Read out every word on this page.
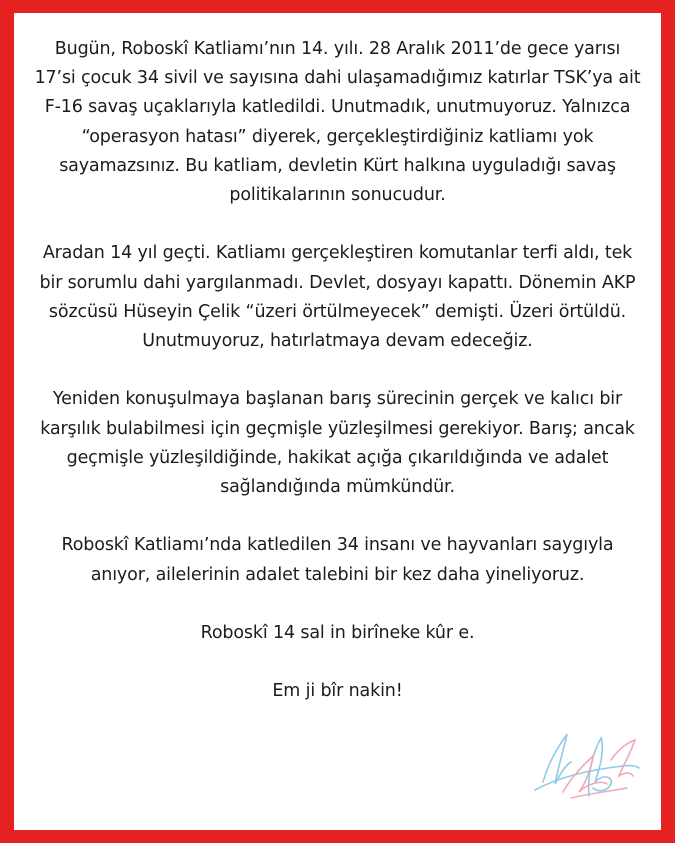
Bugün, Roboskî Katliamı’nın 14. yılı. 28 Aralık 2011’de gece yarısı 17’si çocuk 34 sivil ve sayısına dahi ulaşamadığımız katırlar TSK’ya ait F-16 savaş uçaklarıyla katledildi. Unutmadık, unutmuyoruz. Yalnızca “operasyon hatası” diyerek, gerçekleştirdiğiniz katliamı yok sayamazsınız. Bu katliam, devletin Kürt halkına uyguladığı savaş politikalarının sonucudur.

Aradan 14 yıl geçti. Katliamı gerçekleştiren komutanlar terfi aldı, tek bir sorumlu dahi yargılanmadı. Devlet, dosyayı kapattı. Dönemin AKP sözcüsü Hüseyin Çelik “üzeri örtülmeyecek” demişti. Üzeri örtüldü. Unutmuyoruz, hatırlatmaya devam edeceğiz.

Yeniden konuşulmaya başlanan barış sürecinin gerçek ve kalıcı bir karşılık bulabilmesi için geçmişle yüzleşilmesi gerekiyor. Barış; ancak geçmişle yüzleşildiğinde, hakikat açığa çıkarıldığında ve adalet sağlandığında mümkündür.

Roboskî Katliamı’nda katledilen 34 insanı ve hayvanları saygıyla anıyor, ailelerinin adalet talebini bir kez daha yineliyoruz.

Roboskî 14 sal in birîneke kûr e.

Em ji bîr nakin!
